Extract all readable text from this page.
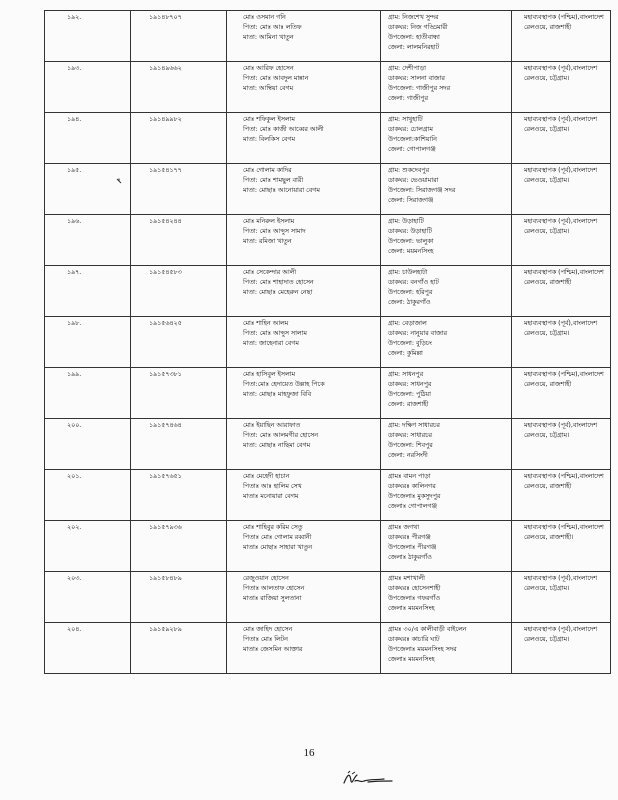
১৯২.	১৯১৪৮৭০৭	মোঃ ওসমান গনি
পিতা: মোঃ আঃ লতিফ
মাতা: আমিনা খাতুন	গ্রাম: নিজশেখ সুন্দর
ডাকঘর: নিজ গড্ডিমারী
উপজেলা: হাতীবান্ধা
জেলা: লালমনিরহাট	মহাব্যবস্থাপক (পশ্চিম),বাংলাদেশ
রেলওয়ে, রাজশাহী

১৯৩.	১৯১৪৯৬৬২	মোঃ আরিফ হোসেন
পিতা: মোঃ আবদুল মান্নান
মাতা: আম্বিয়া বেগম	গ্রাম: দেশীপাড়া
ডাকঘর: সালনা বাজার
উপজেলা: গাজীপুর সদর
জেলা: গাজীপুর	মহাব্যবস্থাপক (পূর্ব),বাংলাদেশ
রেলওয়ে, চট্টগ্রাম।

১৯৪.	১৯১৪৯৯৮২	মোঃ শফিকুল ইসলাম
পিতা: মোঃ কাজী আব্বের আলী
মাতা: বিলকিস বেগম	গ্রাম: সাথুহাটি
ডাকঘর: চোলগ্রাম
উপজেলা:কাশিয়ানি
জেলা: গোপালগঞ্জ	মহাব্যবস্থাপক (পূর্ব),বাংলাদেশ
রেলওয়ে, চট্টগ্রাম।

১৯৫.	১৯১৫৪১৭৭	মোঃ গোলাম কাদির
পিতা: মোঃ শামছুল বারী
মাতা: মোছাঃ আনোয়ারা বেগম	গ্রাম: শুকদেবপুর
ডাকঘর: ভেওয়ামারা
উপজেলা: সিরাজগঞ্জ সদর
জেলা: সিরাজগঞ্জ	মহাব্যবস্থাপক (পূর্ব),বাংলাদেশ
রেলওয়ে, চট্টগ্রাম।

১৯৬.	১৯১৫৪২৪৪	মোঃ মনিরুল ইসলাম
পিতা: মোঃ আব্দুস সামাদ
মাতা: রমিজা খাতুন	গ্রাম: উড়াহাটি
ডাকঘর: উড়াহাটি
উপজেলা: ভালুকা
জেলা: ময়মনসিংহ	মহাব্যবস্থাপক (পূর্ব),বাংলাদেশ
রেলওয়ে, চট্টগ্রাম।

১৯৭.	১৯১৫৪৫৮৩	মোঃ সেকেন্দার আলী
পিতা: মোঃ শাহাদাত হোসেন
মাতা: মোছাঃ মেহেরুন নেছা	গ্রাম: চাউলহাটা
ডাকঘর: বনগাঁও হাট
উপজেলা: হরিপুর
জেলা: ঠাকুরগাঁও	মহাব্যবস্থাপক (পশ্চিম),বাংলাদেশ
রেলওয়ে, রাজশাহী

১৯৮.	১৯১৫৬৪২৫	মোঃ শাহিন আলম
পিতা: মোঃ আব্দুস সালাম
মাতা: জাহেনারা বেগম	গ্রাম: বেড়াজাল
ডাকঘর: নানুয়ার বাজার
উপজেলা: বুড়িচং
জেলা: কুমিল্লা	মহাব্যবস্থাপক (পূর্ব),বাংলাদেশ
রেলওয়ে, চট্টগ্রাম।

১৯৯.	১৯১৫৭৩৮১	মোঃ হাসিবুল ইসলাম
পিতা:মোঃ হেদায়েত উল্লাহ পিকে
মাতা: মোছাঃ মাহফুজা বিবি	গ্রাম: সাধনপুর
ডাকঘর: সাধনপুর
উপজেলা: পুঠিয়া
জেলা: রাজশাহী	মহাব্যবস্থাপক (পশ্চিম),বাংলাদেশ
রেলওয়ে, রাজশাহী

২০০.	১৯১৫৭৪৬৪	মোঃ ইয়াছিন আরাফাত
পিতা: মোঃ আলমগীর হোসেন
মাতা: মোছাঃ নাছিমা বেগম	গ্রাম: দক্ষিণ সাধারচর
ডাকঘর: সাধারচর
উপজেলা: শিবপুর
জেলা: নরসিংদী	মহাব্যবস্থাপক (পূর্ব),বাংলাদেশ
রেলওয়ে, চট্টগ্রাম।

২০১.	১৯১৫৭৬৫১	মোঃ মেহেদী হাচান
পিতাঃ আঃ হালিম সেখ
মাতাঃ মনোয়ারা বেগম	গ্রামঃ বামন পাড়া
ডাকঘরঃ কালিনগর
উপজেলাঃ মুকসুদপুর
জেলাঃ গোপালগঞ্জ	মহাব্যবস্থাপক (পশ্চিম),বাংলাদেশ
রেলওয়ে, রাজশাহী

২০২.	১৯১৫৭৯৩৬	মোঃ শাহিবুর করিম সেতু
পিতাঃ মোঃ গোলাম রব্বানী
মাতাঃ মোছাঃ সাহারা খাতুন	গ্রামঃ জগথা
ডাকঘরঃ পীরগঞ্জ
উপজেলাঃ পীরগঞ্জ
জেলাঃ ঠাকুরগাঁও	মহাব্যবস্থাপক (পশ্চিম),বাংলাদেশ
রেলওয়ে, রাজশাহী।

২০৩.	১৯১৫৮৪৮৯	রেজুওয়ান হোসেন
পিতাঃ আলতাফ হোসেন
মাতাঃ রাজিয়া সুলতানা	গ্রামঃ মশাখালী
ডাকঘরঃ হোসেনশাহী
উপজেলাঃ গফরগাঁও
জেলাঃ ময়মনসিংহ	মহাব্যবস্থাপক (পূর্ব),বাংলাদেশ
রেলওয়ে, চট্টগ্রাম।

২০৪.	১৯১৫৯২৮৯	মোঃ জাহিদ হোসেন
পিতাঃ মোঃ লিটন
মাতাঃ জেসমিন আক্তার	গ্রামঃ ৩০/এ কালীবাড়ী বাইলেন
ডাকঘরঃ কাচারি ঘাট
উপজেলাঃ ময়মনসিংহ সদর
জেলাঃ ময়মনসিংহ	মহাব্যবস্থাপক (পূর্ব),বাংলাদেশ
রেলওয়ে, চট্টগ্রাম।
16
